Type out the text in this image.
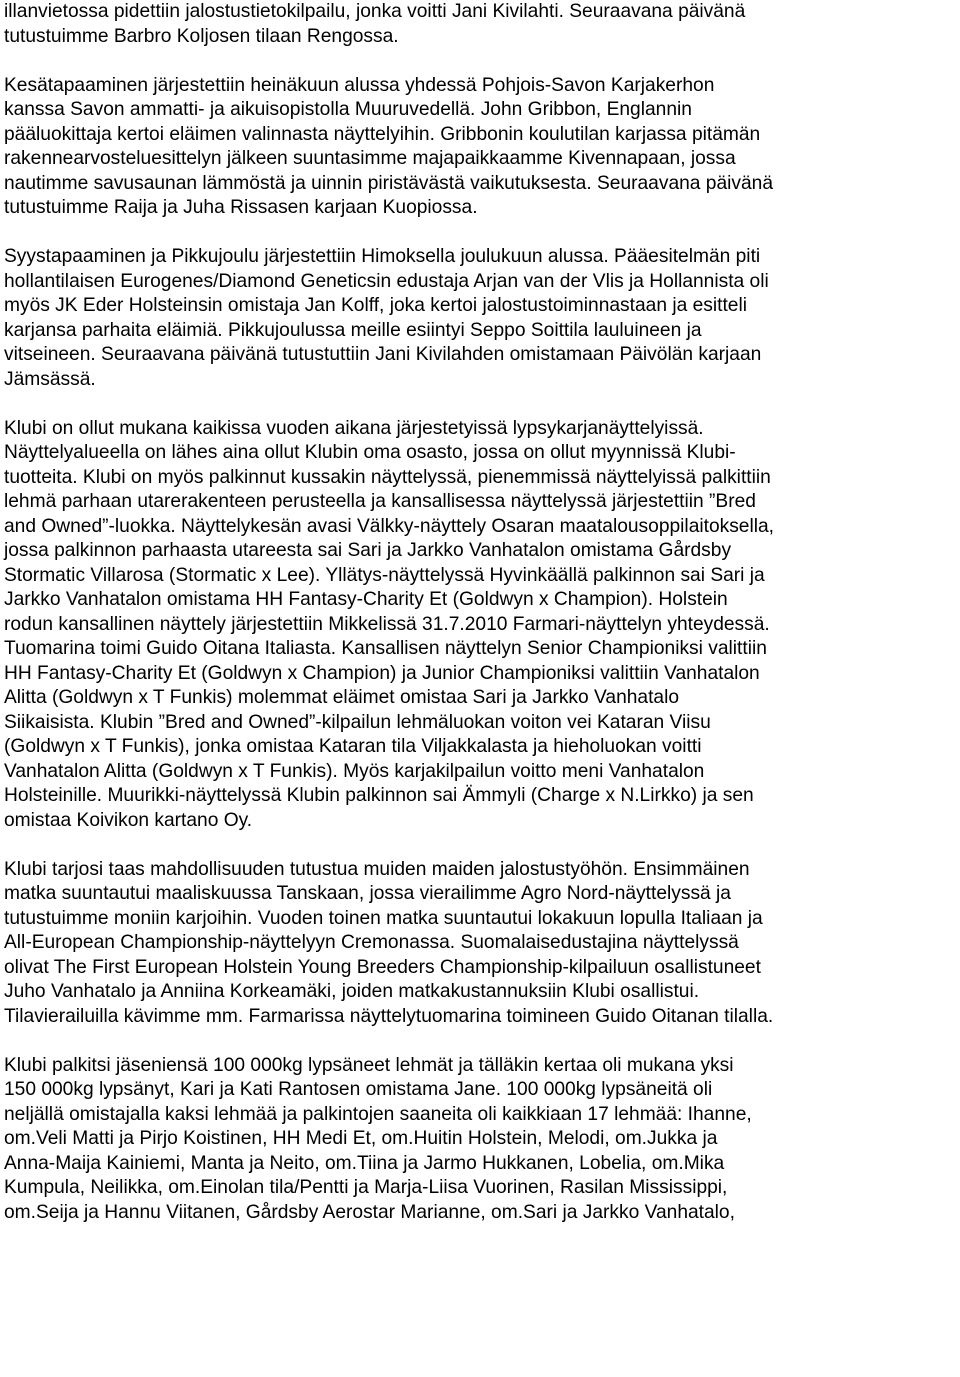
illanvietossa pidettiin jalostustietokilpailu, jonka voitti Jani Kivilahti. Seuraavana päivänä
tutustuimme Barbro Koljosen tilaan Rengossa.
Kesätapaaminen järjestettiin heinäkuun alussa yhdessä Pohjois-Savon Karjakerhon
kanssa Savon ammatti- ja aikuisopistolla Muuruvedellä. John Gribbon, Englannin
pääluokittaja kertoi eläimen valinnasta näyttelyihin. Gribbonin koulutilan karjassa pitämän
rakennearvosteluesittelyn jälkeen suuntasimme majapaikkaamme Kivennapaan, jossa
nautimme savusaunan lämmöstä ja uinnin piristävästä vaikutuksesta. Seuraavana päivänä
tutustuimme Raija ja Juha Rissasen karjaan Kuopiossa.
Syystapaaminen ja Pikkujoulu järjestettiin Himoksella joulukuun alussa. Pääesitelmän piti
hollantilaisen Eurogenes/Diamond Geneticsin edustaja Arjan van der Vlis ja Hollannista oli
myös JK Eder Holsteinsin omistaja Jan Kolff, joka kertoi jalostustoiminnastaan ja esitteli
karjansa parhaita eläimiä. Pikkujoulussa meille esiintyi Seppo Soittila lauluineen ja
vitseineen. Seuraavana päivänä tutustuttiin Jani Kivilahden omistamaan Päivölän karjaan
Jämsässä.
Klubi on ollut mukana kaikissa vuoden aikana järjestetyissä lypsykarjanäyttelyissä.
Näyttelyalueella on lähes aina ollut Klubin oma osasto, jossa on ollut myynnissä Klubi-
tuotteita. Klubi on myös palkinnut kussakin näyttelyssä, pienemmissä näyttelyissä palkittiin
lehmä parhaan utarerakenteen perusteella ja kansallisessa näyttelyssä järjestettiin ”Bred
and Owned”-luokka. Näyttelykesän avasi Välkky-näyttely Osaran maatalousoppilaitoksella,
jossa palkinnon parhaasta utareesta sai Sari ja Jarkko Vanhatalon omistama Gårdsby
Stormatic Villarosa (Stormatic x Lee). Yllätys-näyttelyssä Hyvinkäällä palkinnon sai Sari ja
Jarkko Vanhatalon omistama HH Fantasy-Charity Et (Goldwyn x Champion). Holstein
rodun kansallinen näyttely järjestettiin Mikkelissä 31.7.2010 Farmari-näyttelyn yhteydessä.
Tuomarina toimi Guido Oitana Italiasta. Kansallisen näyttelyn Senior Championiksi valittiin
HH Fantasy-Charity Et (Goldwyn x Champion) ja Junior Championiksi valittiin Vanhatalon
Alitta (Goldwyn x T Funkis) molemmat eläimet omistaa Sari ja Jarkko Vanhatalo
Siikaisista. Klubin ”Bred and Owned”-kilpailun lehmäluokan voiton vei Kataran Viisu
(Goldwyn x T Funkis), jonka omistaa Kataran tila Viljakkalasta ja hieholuokan voitti
Vanhatalon Alitta (Goldwyn x T Funkis). Myös karjakilpailun voitto meni Vanhatalon
Holsteinille. Muurikki-näyttelyssä Klubin palkinnon sai Ämmyli (Charge x N.Lirkko) ja sen
omistaa Koivikon kartano Oy.
Klubi tarjosi taas mahdollisuuden tutustua muiden maiden jalostustyöhön. Ensimmäinen
matka suuntautui maaliskuussa Tanskaan, jossa vierailimme Agro Nord-näyttelyssä ja
tutustuimme moniin karjoihin. Vuoden toinen matka suuntautui lokakuun lopulla Italiaan ja
All-European Championship-näyttelyyn Cremonassa. Suomalaisedustajina näyttelyssä
olivat The First European Holstein Young Breeders Championship-kilpailuun osallistuneet
Juho Vanhatalo ja Anniina Korkeamäki, joiden matkakustannuksiin Klubi osallistui.
Tilavierailuilla kävimme mm. Farmarissa näyttelytuomarina toimineen Guido Oitanan tilalla.
Klubi palkitsi jäseniensä 100 000kg lypsäneet lehmät ja tälläkin kertaa oli mukana yksi
150 000kg lypsänyt, Kari ja Kati Rantosen omistama Jane. 100 000kg lypsäneitä oli
neljällä omistajalla kaksi lehmää ja palkintojen saaneita oli kaikkiaan 17 lehmää: Ihanne,
om.Veli Matti ja Pirjo Koistinen, HH Medi Et, om.Huitin Holstein, Melodi, om.Jukka ja
Anna-Maija Kainiemi, Manta ja Neito, om.Tiina ja Jarmo Hukkanen, Lobelia, om.Mika
Kumpula, Neilikka, om.Einolan tila/Pentti ja Marja-Liisa Vuorinen, Rasilan Mississippi,
om.Seija ja Hannu Viitanen, Gårdsby Aerostar Marianne, om.Sari ja Jarkko Vanhatalo,
